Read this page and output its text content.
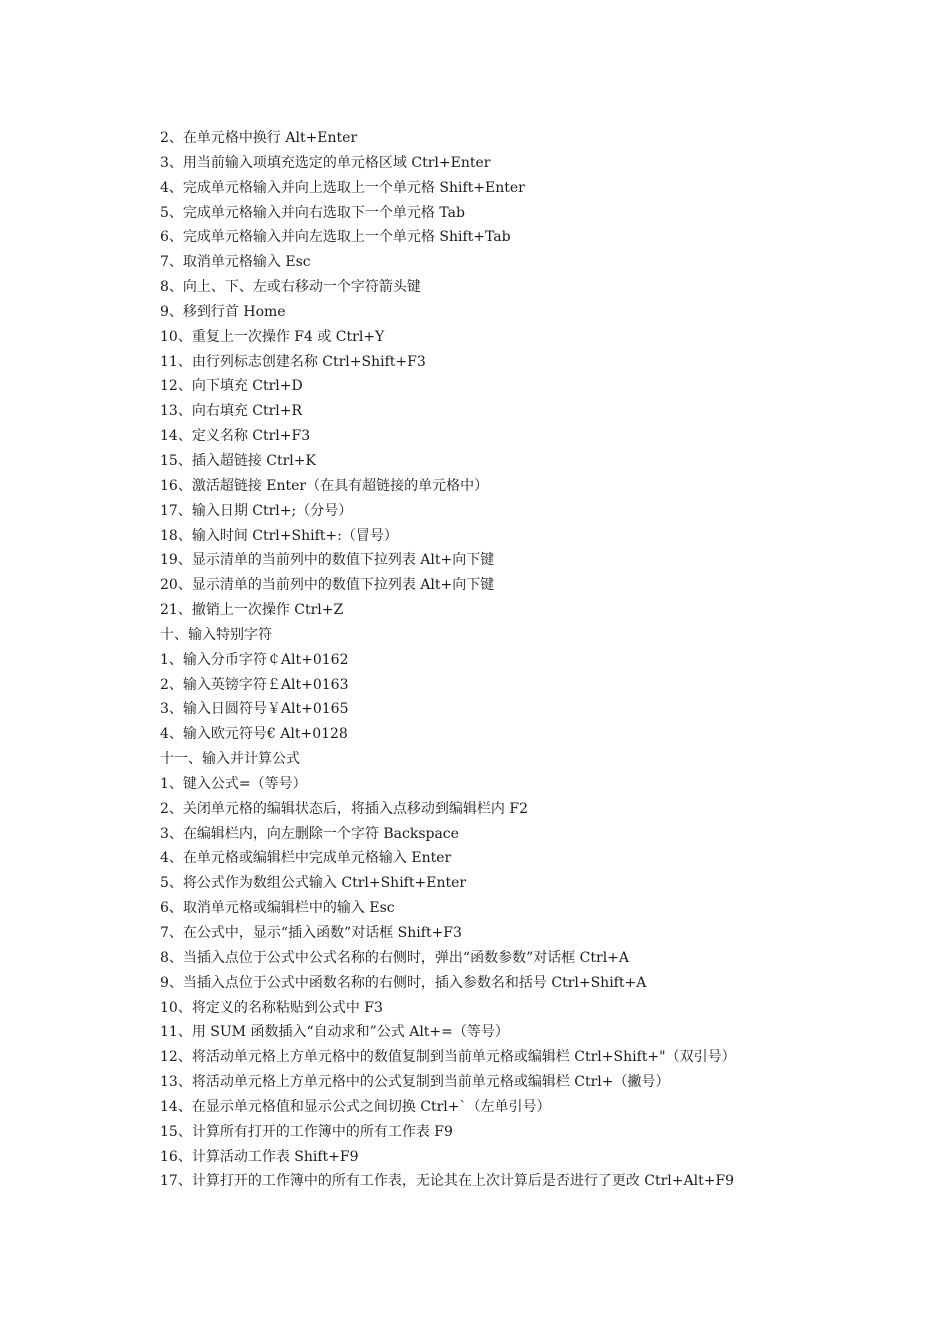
2、在单元格中换行 Alt+Enter
3、用当前输入项填充选定的单元格区域 Ctrl+Enter
4、完成单元格输入并向上选取上一个单元格 Shift+Enter
5、完成单元格输入并向右选取下一个单元格 Tab
6、完成单元格输入并向左选取上一个单元格 Shift+Tab
7、取消单元格输入 Esc
8、向上、下、左或右移动一个字符箭头键
9、移到行首 Home
10、重复上一次操作 F4 或 Ctrl+Y
11、由行列标志创建名称 Ctrl+Shift+F3
12、向下填充 Ctrl+D
13、向右填充 Ctrl+R
14、定义名称 Ctrl+F3
15、插入超链接 Ctrl+K
16、激活超链接 Enter（在具有超链接的单元格中）
17、输入日期 Ctrl+;（分号）
18、输入时间 Ctrl+Shift+:（冒号）
19、显示清单的当前列中的数值下拉列表 Alt+向下键
20、显示清单的当前列中的数值下拉列表 Alt+向下键
21、撤销上一次操作 Ctrl+Z
十、输入特别字符
1、输入分币字符￠Alt+0162
2、输入英镑字符￡Alt+0163
3、输入日圆符号￥Alt+0165
4、输入欧元符号€ Alt+0128
十一、输入并计算公式
1、键入公式=（等号）
2、关闭单元格的编辑状态后，将插入点移动到编辑栏内 F2
3、在编辑栏内，向左删除一个字符 Backspace
4、在单元格或编辑栏中完成单元格输入 Enter
5、将公式作为数组公式输入 Ctrl+Shift+Enter
6、取消单元格或编辑栏中的输入 Esc
7、在公式中，显示“插入函数”对话框 Shift+F3
8、当插入点位于公式中公式名称的右侧时，弹出“函数参数”对话框 Ctrl+A
9、当插入点位于公式中函数名称的右侧时，插入参数名和括号 Ctrl+Shift+A
10、将定义的名称粘贴到公式中 F3
11、用 SUM 函数插入“自动求和”公式 Alt+=（等号）
12、将活动单元格上方单元格中的数值复制到当前单元格或编辑栏 Ctrl+Shift+"（双引号）
13、将活动单元格上方单元格中的公式复制到当前单元格或编辑栏 Ctrl+（撇号）
14、在显示单元格值和显示公式之间切换 Ctrl+`（左单引号）
15、计算所有打开的工作簿中的所有工作表 F9
16、计算活动工作表 Shift+F9
17、计算打开的工作簿中的所有工作表，无论其在上次计算后是否进行了更改 Ctrl+Alt+F9
